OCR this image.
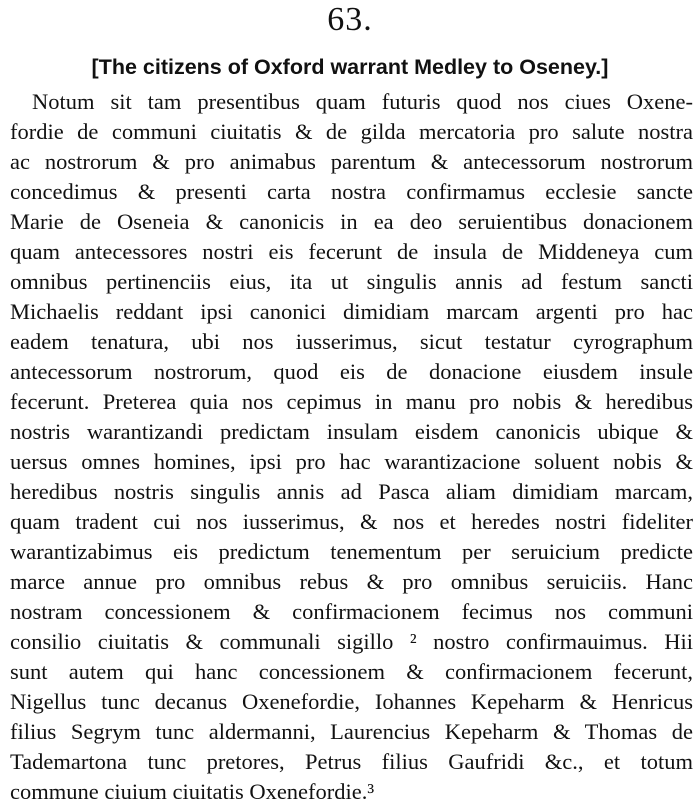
63.
[The citizens of Oxford warrant Medley to Oseney.]
Notum sit tam presentibus quam futuris quod nos ciues Oxene-
fordie de communi ciuitatis & de gilda mercatoria pro salute nostra
ac nostrorum & pro animabus parentum & antecessorum nostrorum
concedimus & presenti carta nostra confirmamus ecclesie sancte
Marie de Oseneia & canonicis in ea deo seruientibus donacionem
quam antecessores nostri eis fecerunt de insula de Middeneya cum
omnibus pertinenciis eius, ita ut singulis annis ad festum sancti
Michaelis reddant ipsi canonici dimidiam marcam argenti pro hac
eadem tenatura, ubi nos iusserimus, sicut testatur cyrographum
antecessorum nostrorum, quod eis de donacione eiusdem insule
fecerunt. Preterea quia nos cepimus in manu pro nobis & heredibus
nostris warantizandi predictam insulam eisdem canonicis ubique &
uersus omnes homines, ipsi pro hac warantizacione soluent nobis &
heredibus nostris singulis annis ad Pasca aliam dimidiam marcam,
quam tradent cui nos iusserimus, & nos et heredes nostri fideliter
warantizabimus eis predictum tenementum per seruicium predicte
marce annue pro omnibus rebus & pro omnibus seruiciis. Hanc
nostram concessionem & confirmacionem fecimus nos communi
consilio ciuitatis & communali sigillo ² nostro confirmauimus. Hii
sunt autem qui hanc concessionem & confirmacionem fecerunt,
Nigellus tunc decanus Oxenefordie, Iohannes Kepeharm & Henricus
filius Segrym tunc aldermanni, Laurencius Kepeharm & Thomas de
Tademartona tunc pretores, Petrus filius Gaufridi &c., et totum
commune ciuium ciuitatis Oxenefordie.³
